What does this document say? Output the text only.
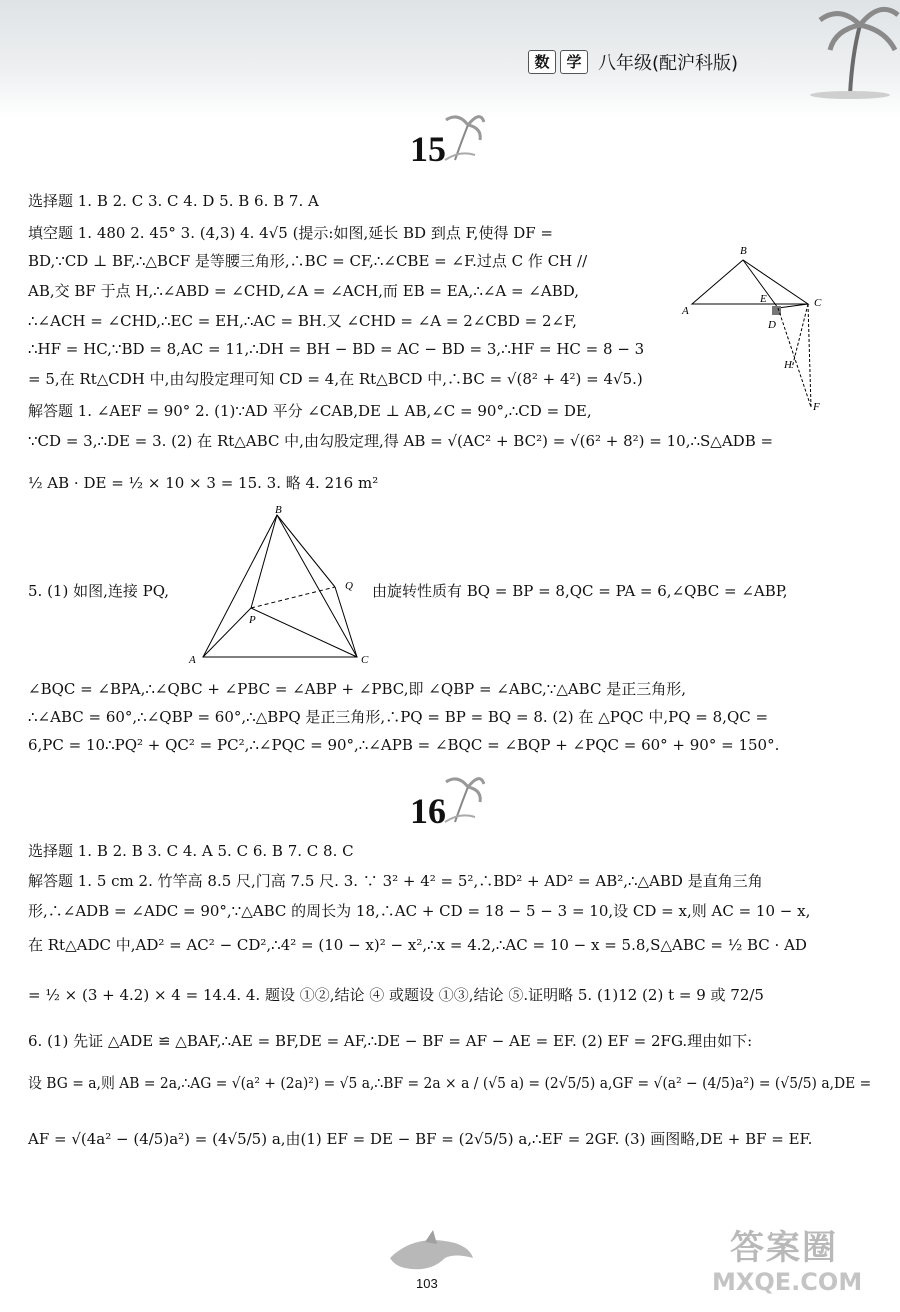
数	学 八年级(配沪科版)
15
选择题 1. B 2. C 3. C 4. D 5. B 6. B 7. A
填空题 1. 480 2. 45° 3. (4,3) 4. 4√5 (提示:如图,延长 BD 到点 F,使得 DF =
BD,∵CD ⊥ BF,∴△BCF 是等腰三角形,∴BC = CF,∴∠CBE = ∠F.过点 C 作 CH //
AB,交 BF 于点 H,∴∠ABD = ∠CHD,∠A = ∠ACH,而 EB = EA,∴∠A = ∠ABD,
∴∠ACH = ∠CHD,∴EC = EH,∴AC = BH.又 ∠CHD = ∠A = 2∠CBD = 2∠F,
∴HF = HC,∵BD = 8,AC = 11,∴DH = BH − BD = AC − BD = 3,∴HF = HC = 8 − 3
= 5,在 Rt△CDH 中,由勾股定理可知 CD = 4,在 Rt△BCD 中,∴BC = √(8² + 4²) = 4√5.)
解答题 1. ∠AEF = 90° 2. (1)∵AD 平分 ∠CAB,DE ⊥ AB,∠C = 90°,∴CD = DE,
∵CD = 3,∴DE = 3. (2) 在 Rt△ABC 中,由勾股定理,得 AB = √(AC² + BC²) = √(6² + 8²) = 10,∴S△ADB =
½ AB · DE = ½ × 10 × 3 = 15. 3. 略 4. 216 m²
B
A
E	C
D
H
F
5. (1) 如图,连接 PQ,
B
Q
P
A	C
由旋转性质有 BQ = BP = 8,QC = PA = 6,∠QBC = ∠ABP,
∠BQC = ∠BPA,∴∠QBC + ∠PBC = ∠ABP + ∠PBC,即 ∠QBP = ∠ABC,∵△ABC 是正三角形,
∴∠ABC = 60°,∴∠QBP = 60°,∴△BPQ 是正三角形,∴PQ = BP = BQ = 8. (2) 在 △PQC 中,PQ = 8,QC =
6,PC = 10∴PQ² + QC² = PC²,∴∠PQC = 90°,∴∠APB = ∠BQC = ∠BQP + ∠PQC = 60° + 90° = 150°.
16
选择题 1. B 2. B 3. C 4. A 5. C 6. B 7. C 8. C
解答题 1. 5 cm 2. 竹竿高 8.5 尺,门高 7.5 尺. 3. ∵ 3² + 4² = 5²,∴BD² + AD² = AB²,∴△ABD 是直角三角
形,∴∠ADB = ∠ADC = 90°,∵△ABC 的周长为 18,∴AC + CD = 18 − 5 − 3 = 10,设 CD = x,则 AC = 10 − x,
在 Rt△ADC 中,AD² = AC² − CD²,∴4² = (10 − x)² − x²,∴x = 4.2,∴AC = 10 − x = 5.8,S△ABC = ½ BC · AD
= ½ × (3 + 4.2) × 4 = 14.4. 4. 题设 ①②,结论 ④ 或题设 ①③,结论 ⑤.证明略 5. (1)12 (2) t = 9 或 72/5
6. (1) 先证 △ADE ≌ △BAF,∴AE = BF,DE = AF,∴DE − BF = AF − AE = EF. (2) EF = 2FG.理由如下:
设 BG = a,则 AB = 2a,∴AG = √(a² + (2a)²) = √5 a,∴BF = 2a × a / (√5 a) = (2√5/5) a,GF = √(a² − (4/5)a²) = (√5/5) a,DE =
AF = √(4a² − (4/5)a²) = (4√5/5) a,由(1) EF = DE − BF = (2√5/5) a,∴EF = 2GF. (3) 画图略,DE + BF = EF.
103
答案圈
MXQE.COM
